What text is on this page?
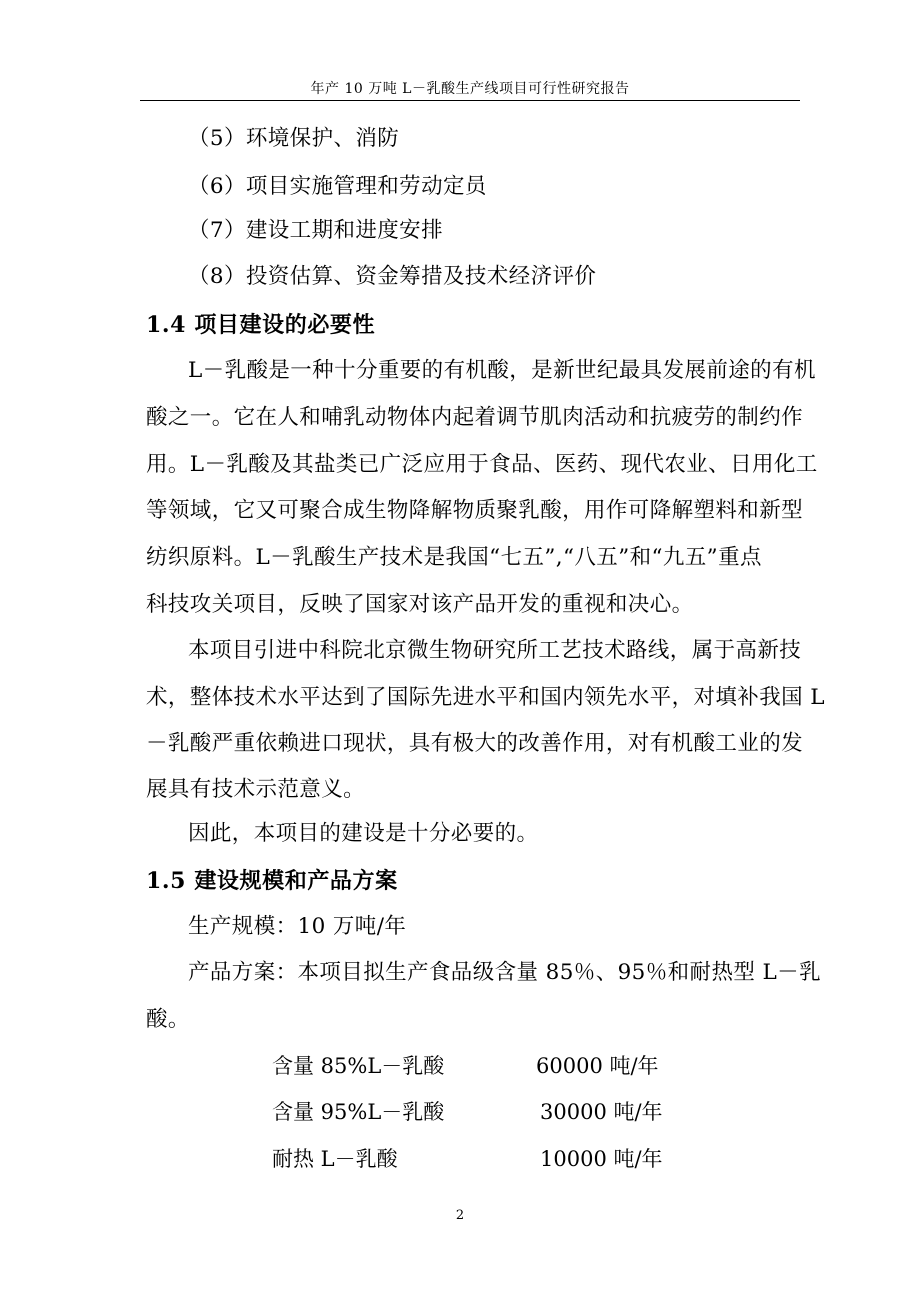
年产 10 万吨 L－乳酸生产线项目可行性研究报告
（5）环境保护、消防
（6）项目实施管理和劳动定员
（7）建设工期和进度安排
（8）投资估算、资金筹措及技术经济评价
1.4 项目建设的必要性
L－乳酸是一种十分重要的有机酸，是新世纪最具发展前途的有机
酸之一。它在人和哺乳动物体内起着调节肌肉活动和抗疲劳的制约作
用。L－乳酸及其盐类已广泛应用于食品、医药、现代农业、日用化工
等领域，它又可聚合成生物降解物质聚乳酸，用作可降解塑料和新型
纺织原料。L－乳酸生产技术是我国“七五”,“八五”和“九五”重点
科技攻关项目，反映了国家对该产品开发的重视和决心。
本项目引进中科院北京微生物研究所工艺技术路线，属于高新技
术，整体技术水平达到了国际先进水平和国内领先水平，对填补我国 L
－乳酸严重依赖进口现状，具有极大的改善作用，对有机酸工业的发
展具有技术示范意义。
因此，本项目的建设是十分必要的。
1.5 建设规模和产品方案
生产规模：10 万吨/年
产品方案：本项目拟生产食品级含量 85％、95％和耐热型 L－乳
酸。
含量 85%L－乳酸	60000 吨/年
含量 95%L－乳酸	30000 吨/年
耐热 L－乳酸	10000 吨/年
2
